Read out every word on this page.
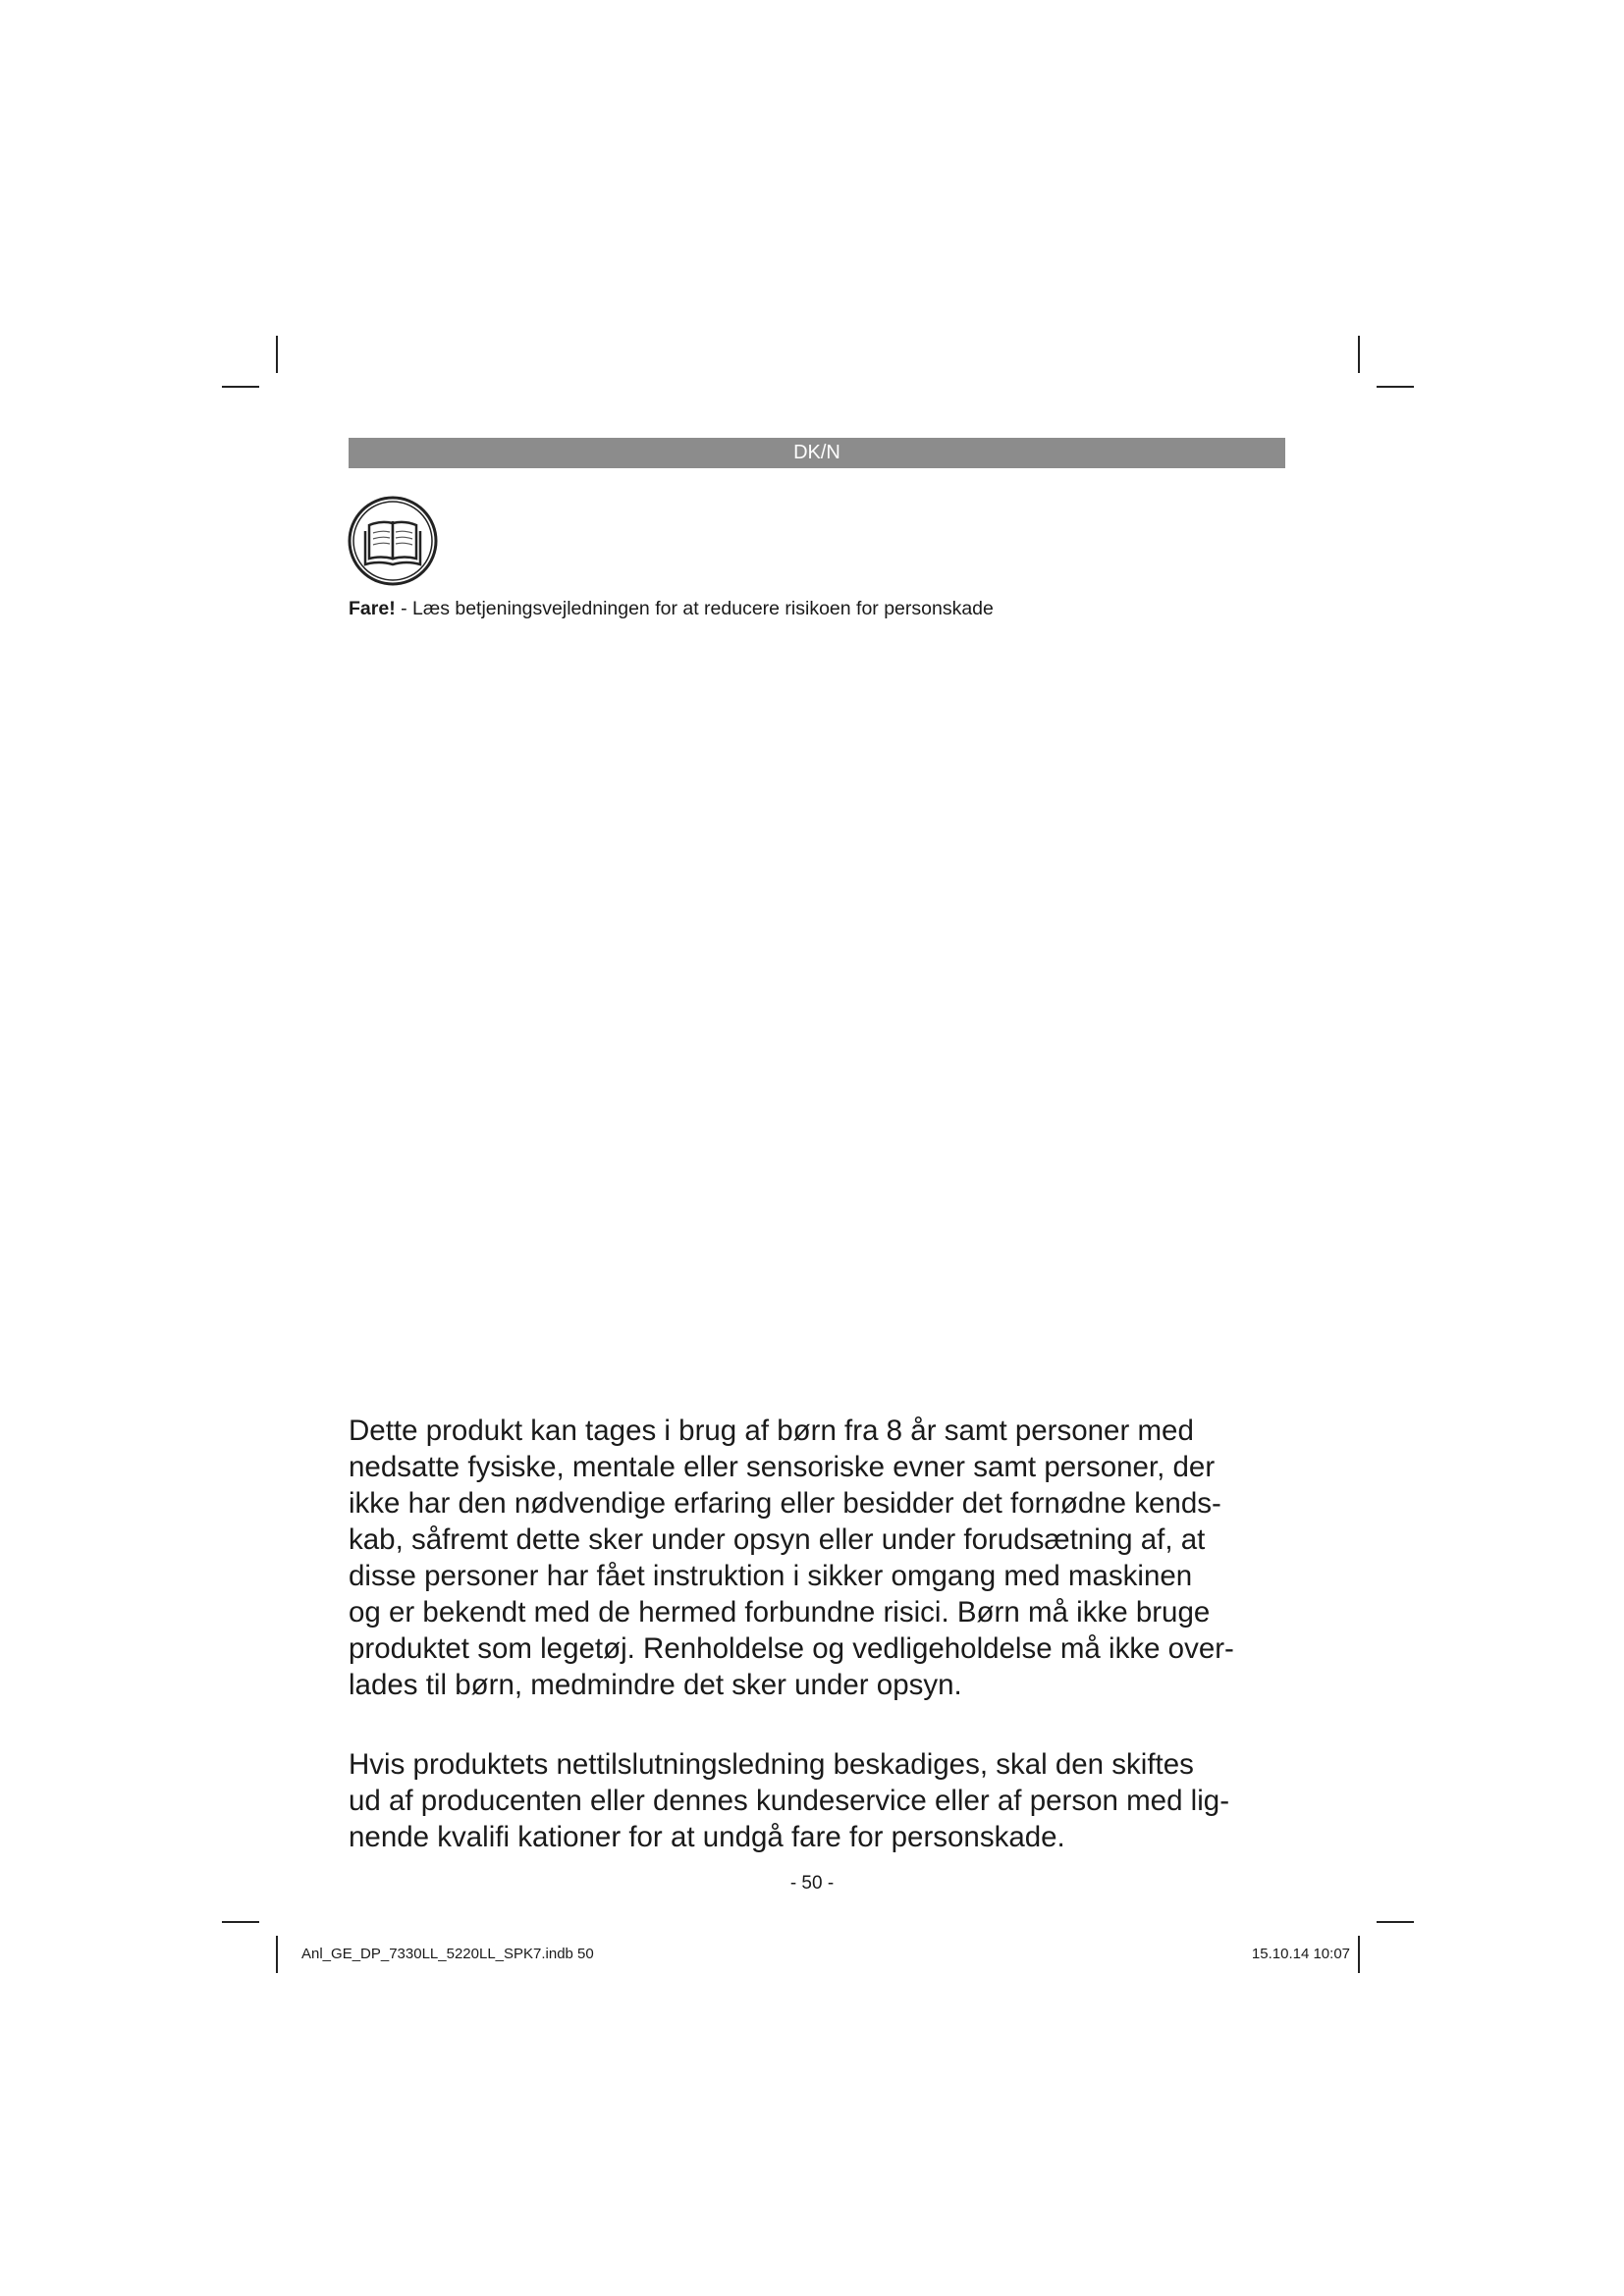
DK/N
Fare! - Læs betjeningsvejledningen for at reducere risikoen for personskade
Dette produkt kan tages i brug af børn fra 8 år samt personer med
nedsatte fysiske, mentale eller sensoriske evner samt personer, der
ikke har den nødvendige erfaring eller besidder det fornødne kends-
kab, såfremt dette sker under opsyn eller under forudsætning af, at
disse personer har fået instruktion i sikker omgang med maskinen
og er bekendt med de hermed forbundne risici. Børn må ikke bruge
produktet som legetøj. Renholdelse og vedligeholdelse må ikke over-
lades til børn, medmindre det sker under opsyn.
Hvis produktets nettilslutningsledning beskadiges, skal den skiftes
ud af producenten eller dennes kundeservice eller af person med lig-
nende kvalifi kationer for at undgå fare for personskade.
- 50 -
Anl_GE_DP_7330LL_5220LL_SPK7.indb 50	15.10.14 10:07
